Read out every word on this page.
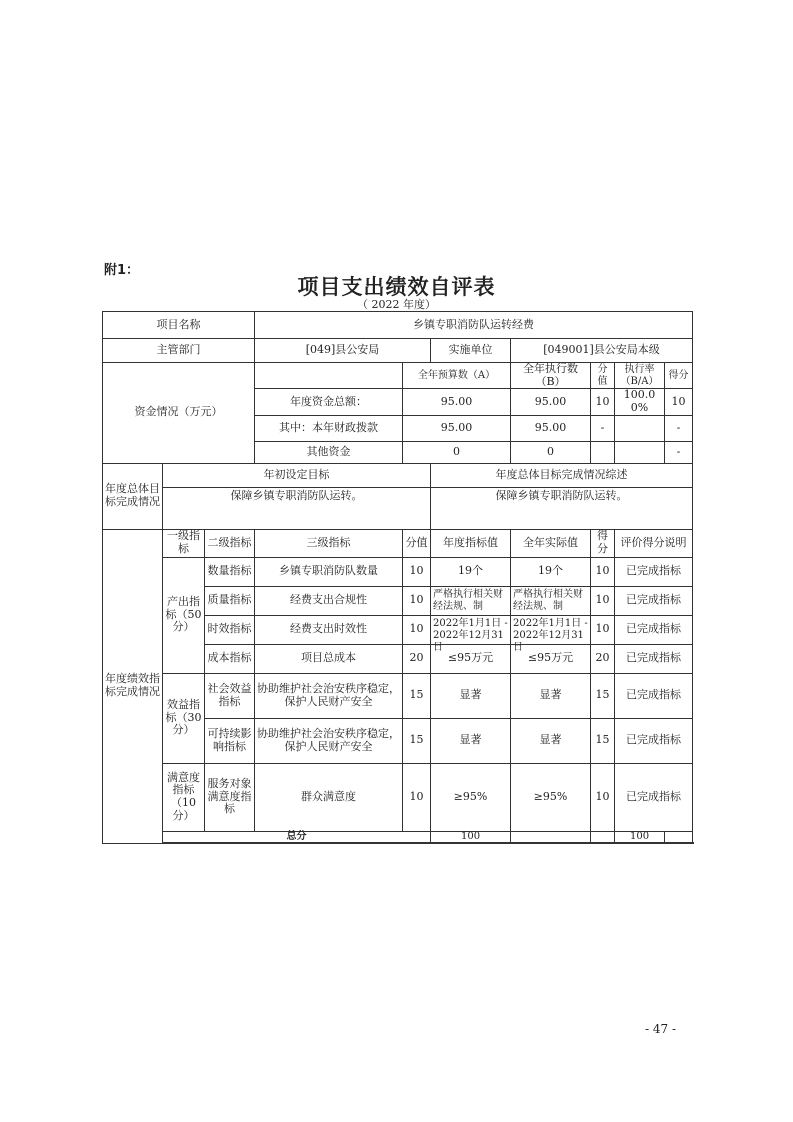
附1：
项目支出绩效自评表
（ 2022 年度）
项目名称			乡镇专职消防队运转经费						
主管部门			[049]县公安局		实施单位	[049001]县公安局本级			
资金情况（万元）				全年预算数（A）		全年执行数（B）	分值	执行率（B/A）	得分
			年度资金总额：	95.00		95.00	10	100.00%	10
			其中：本年财政拨款	95.00		95.00	-		-
			其他资金	0		0			-
年度总体目标完成情况	年初设定目标				年度总体目标完成情况综述				
	保障乡镇专职消防队运转。				保障乡镇专职消防队运转。				
年度绩效指标完成情况	一级指标	二级指标	三级指标	分值	年度指标值	全年实际值	得分	评价得分说明	
	产出指标（50分）	数量指标	乡镇专职消防队数量	10	19个	19个	10	已完成指标	
		质量指标	经费支出合规性	10	严格执行相关财经法规、制	严格执行相关财经法规、制	10	已完成指标	
		时效指标	经费支出时效性	10	2022年1月1日 - 2022年12月31日	2022年1月1日 - 2022年12月31日	10	已完成指标	
		成本指标	项目总成本	20	≤95万元	≤95万元	20	已完成指标	
	效益指标（30分）	社会效益指标	协助维护社会治安秩序稳定，保护人民财产安全	15	显著	显著	15	已完成指标	
		可持续影响指标	协助维护社会治安秩序稳定，保护人民财产安全	15	显著	显著	15	已完成指标	
	满意度指标（10分）	服务对象满意度指标	群众满意度	10	≥95%	≥95%	10	已完成指标	
	总分				100			100	
- 47 -
